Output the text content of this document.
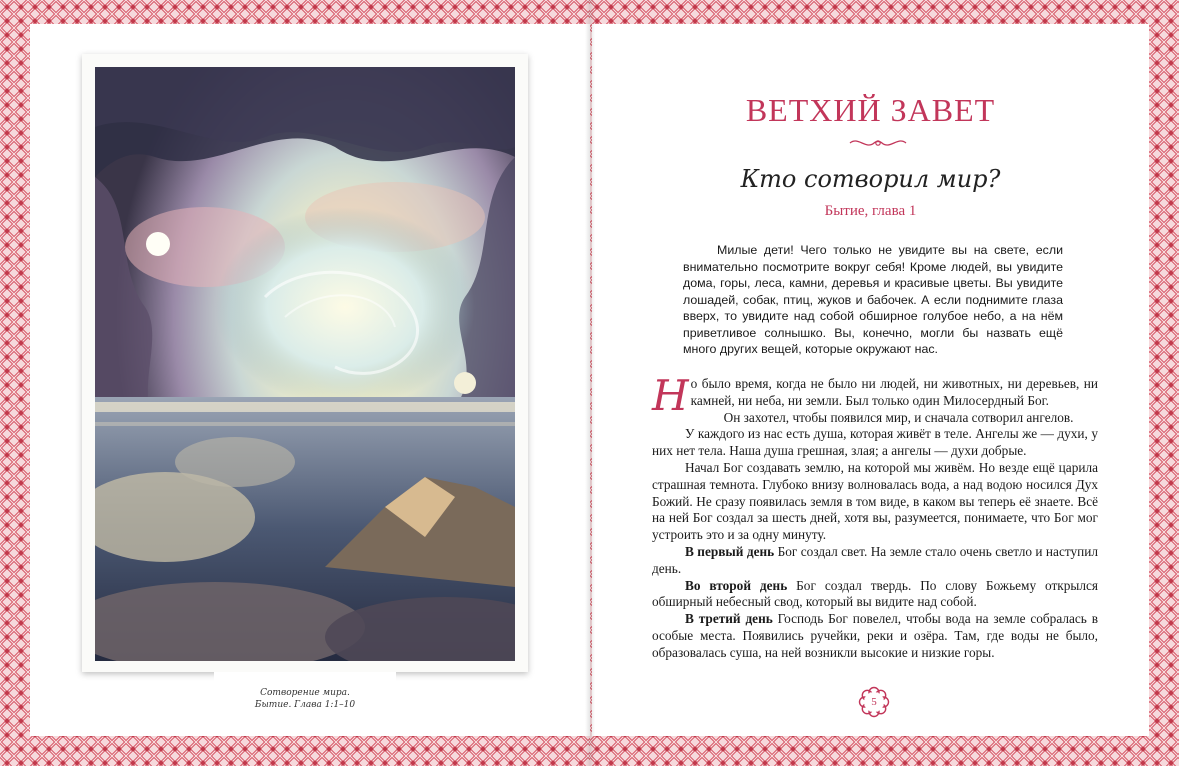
Сотворение мира.
Бытие. Глава 1:1–10
ВЕТХИЙ ЗАВЕТ
Кто сотворил мир?
Бытие, глава 1

Милые дети! Чего только не увидите вы на свете, если внимательно посмотрите вокруг себя! Кроме людей, вы увидите дома, горы, леса, камни, деревья и красивые цветы. Вы увидите лошадей, собак, птиц, жуков и бабочек. А если поднимите глаза вверх, то увидите над собой обширное голубое небо, а на нём приветливое солнышко. Вы, конечно, могли бы назвать ещё много других вещей, которые окружают нас.

Но было время, когда не было ни людей, ни животных, ни деревьев, ни камней, ни неба, ни земли. Был только один Милосердный Бог.

Он захотел, чтобы появился мир, и сначала сотворил ангелов.

У каждого из нас есть душа, которая живёт в теле. Ангелы же — духи, у них нет тела. Наша душа грешная, злая; а ангелы — духи добрые.

Начал Бог создавать землю, на которой мы живём. Но везде ещё царила страшная темнота. Глубоко внизу волновалась вода, а над водою носился Дух Божий. Не сразу появилась земля в том виде, в каком вы теперь её знаете. Всё на ней Бог создал за шесть дней, хотя вы, разумеется, понимаете, что Бог мог устроить это и за одну минуту.

В первый день Бог создал свет. На земле стало очень светло и наступил день.

Во второй день Бог создал твердь. По слову Божьему открылся обширный небесный свод, который вы видите над собой.

В третий день Господь Бог повелел, чтобы вода на земле собралась в особые места. Появились ручейки, реки и озёра. Там, где воды не было, образовалась суша, на ней возникли высокие и низкие горы.

5
